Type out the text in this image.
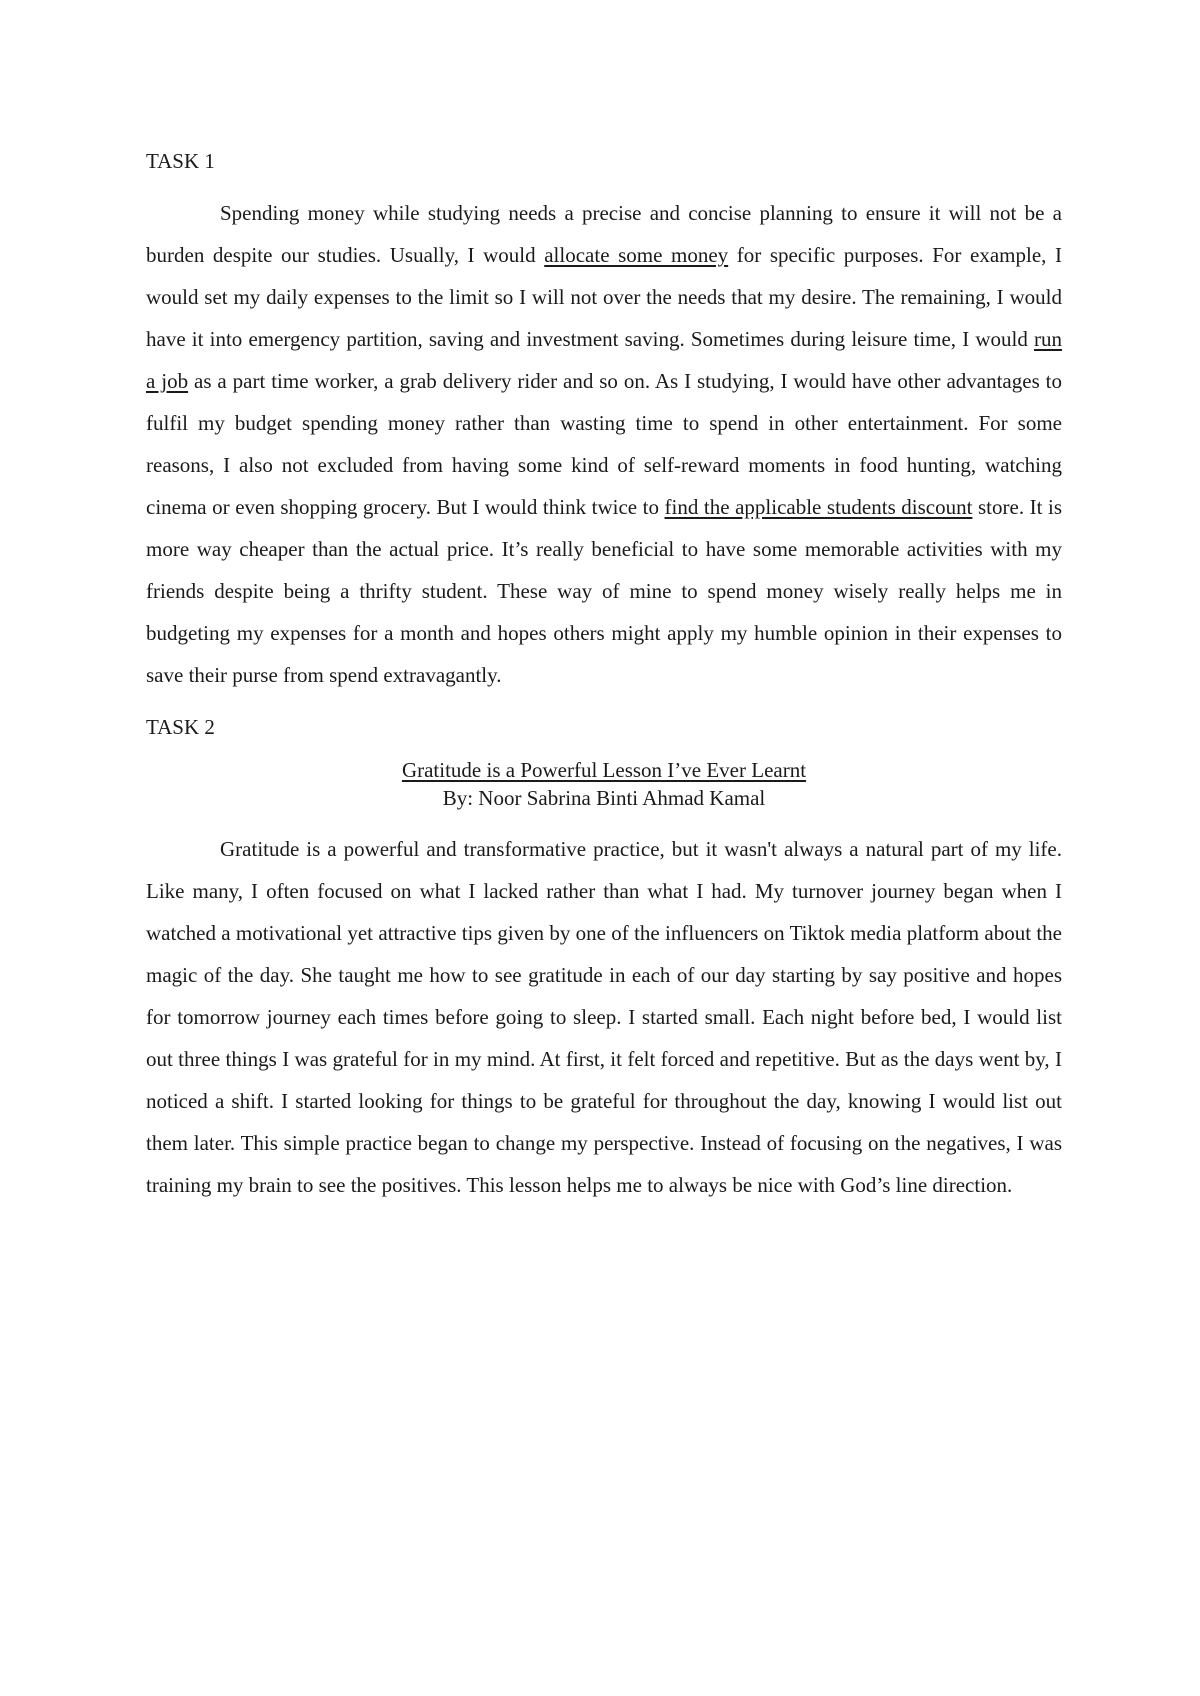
TASK 1

Spending money while studying needs a precise and concise planning to ensure it will not be a burden despite our studies. Usually, I would allocate some money for specific purposes. For example, I would set my daily expenses to the limit so I will not over the needs that my desire. The remaining, I would have it into emergency partition, saving and investment saving. Sometimes during leisure time, I would run a job as a part time worker, a grab delivery rider and so on. As I studying, I would have other advantages to fulfil my budget spending money rather than wasting time to spend in other entertainment. For some reasons, I also not excluded from having some kind of self-reward moments in food hunting, watching cinema or even shopping grocery. But I would think twice to find the applicable students discount store. It is more way cheaper than the actual price. It’s really beneficial to have some memorable activities with my friends despite being a thrifty student. These way of mine to spend money wisely really helps me in budgeting my expenses for a month and hopes others might apply my humble opinion in their expenses to save their purse from spend extravagantly.

TASK 2

Gratitude is a Powerful Lesson I’ve Ever Learnt
By: Noor Sabrina Binti Ahmad Kamal

Gratitude is a powerful and transformative practice, but it wasn't always a natural part of my life. Like many, I often focused on what I lacked rather than what I had. My turnover journey began when I watched a motivational yet attractive tips given by one of the influencers on Tiktok media platform about the magic of the day. She taught me how to see gratitude in each of our day starting by say positive and hopes for tomorrow journey each times before going to sleep. I started small. Each night before bed, I would list out three things I was grateful for in my mind. At first, it felt forced and repetitive. But as the days went by, I noticed a shift. I started looking for things to be grateful for throughout the day, knowing I would list out them later. This simple practice began to change my perspective. Instead of focusing on the negatives, I was training my brain to see the positives. This lesson helps me to always be nice with God’s line direction.
